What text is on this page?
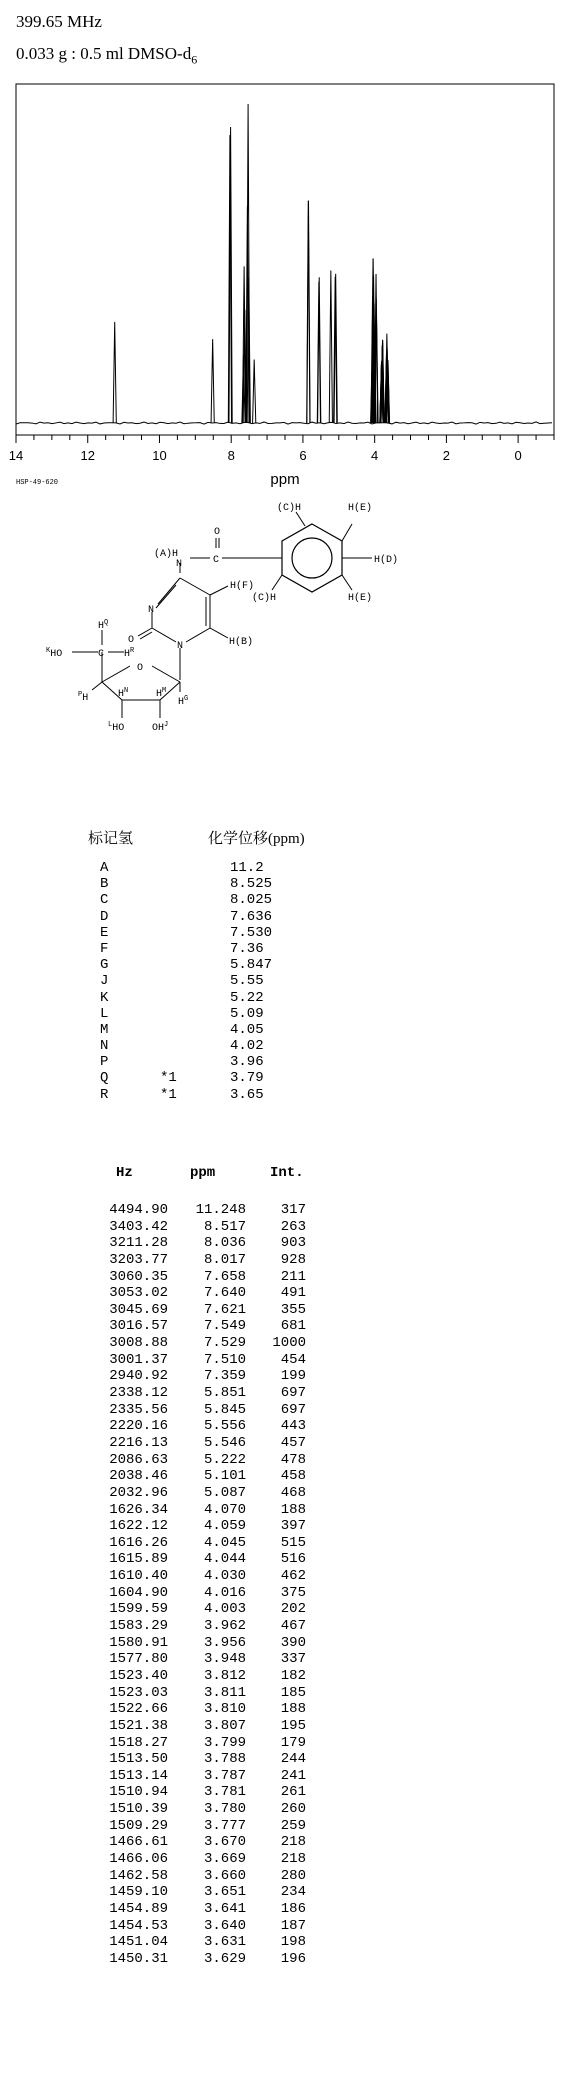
399.65 MHz
0.033 g : 0.5 ml DMSO-$d_6$
14	12	10	8	6	4	2	0
ppm
HSP-49-620
(C)H	H(E)
H(D)
(C)H	H(E)
O
C
(A)H
N
H(F)
N
N	H(B)
O
$H^Q$
$H^R$
$^K$HO	C
O
$H^N$	$H^M$
$^P$H	$H^G$
$^L$HO	$OH^J$
标记氢	化学位移(ppm)
A	11.2
B	8.525
C	8.025
D	7.636
E	7.530
F	7.36
G	5.847
J	5.55
K	5.22
L	5.09
M	4.05
N	4.02
P	3.96
Q	*1	3.79
R	*1	3.65
Hz	ppm	Int.
4494.90	11.248	317
3403.42	8.517	263
3211.28	8.036	903
3203.77	8.017	928
3060.35	7.658	211
3053.02	7.640	491
3045.69	7.621	355
3016.57	7.549	681
3008.88	7.529	1000
3001.37	7.510	454
2940.92	7.359	199
2338.12	5.851	697
2335.56	5.845	697
2220.16	5.556	443
2216.13	5.546	457
2086.63	5.222	478
2038.46	5.101	458
2032.96	5.087	468
1626.34	4.070	188
1622.12	4.059	397
1616.26	4.045	515
1615.89	4.044	516
1610.40	4.030	462
1604.90	4.016	375
1599.59	4.003	202
1583.29	3.962	467
1580.91	3.956	390
1577.80	3.948	337
1523.40	3.812	182
1523.03	3.811	185
1522.66	3.810	188
1521.38	3.807	195
1518.27	3.799	179
1513.50	3.788	244
1513.14	3.787	241
1510.94	3.781	261
1510.39	3.780	260
1509.29	3.777	259
1466.61	3.670	218
1466.06	3.669	218
1462.58	3.660	280
1459.10	3.651	234
1454.89	3.641	186
1454.53	3.640	187
1451.04	3.631	198
1450.31	3.629	196
